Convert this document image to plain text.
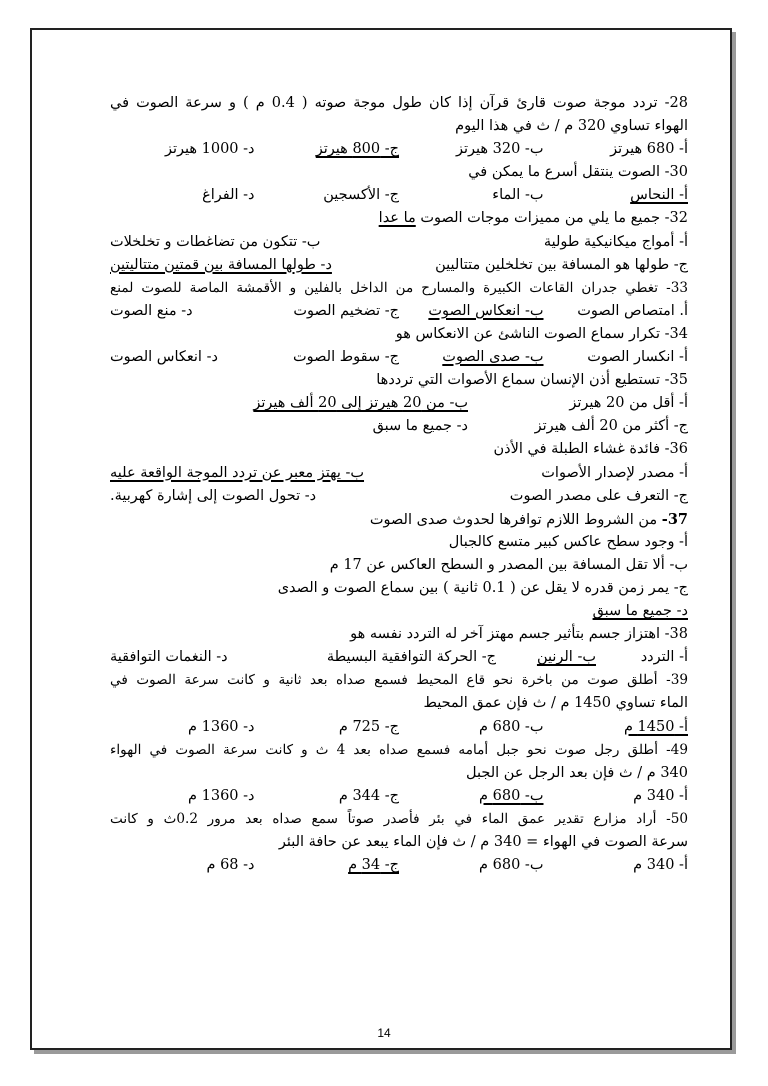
28- تردد موجة صوت قارئ قرآن إذا كان طول موجة صوته ( 0.4 م ) و سرعة الصوت في
الهواء تساوي 320 م / ث في هذا اليوم
أ- 680 هيرتز
ب- 320 هيرتز
ج- 800 هيرتز
د- 1000 هيرتز
30- الصوت ينتقل أسرع ما يمكن في
أ- النحاس
ب- الماء
ج- الأكسجين
د- الفراغ
32- جميع ما يلي من مميزات موجات الصوت ما عدا
أ- أمواج ميكانيكية طولية
ب- تتكون من تضاغطات و تخلخلات
ج- طولها هو المسافة بين تخلخلين متتاليين
د- طولها المسافة بين قمتين متتاليتين
33- تغطي جدران القاعات الكبيرة والمسارح من الداخل بالفلين و الأقمشة الماصة للصوت لمنع
أ. امتصاص الصوت
ب- انعكاس الصوت
ج- تضخيم الصوت
د- منع الصوت
34- تكرار سماع الصوت الناشئ عن الانعكاس هو
أ- انكسار الصوت
ب- صدى الصوت
ج- سقوط الصوت
د- انعكاس الصوت
35- تستطيع أذن الإنسان سماع الأصوات التي ترددها
أ- أقل من 20 هيرتز
ب- من 20 هيرتز إلى 20 ألف هيرتز
ج- أكثر من 20 ألف هيرتز
د- جميع ما سبق
36- فائدة غشاء الطبلة في الأذن
أ- مصدر لإصدار الأصوات
ب- يهتز معبر عن تردد الموجة الواقعة عليه
ج- التعرف على مصدر الصوت
د- تحول الصوت إلى إشارة كهربية.
37- من الشروط اللازم توافرها لحدوث صدى الصوت
أ- وجود سطح عاكس كبير متسع كالجبال
ب- ألا تقل المسافة بين المصدر و السطح العاكس عن 17 م
ج- يمر زمن قدره لا يقل عن ( 0.1 ثانية ) بين سماع الصوت و الصدى
د- جميع ما سبق
38- اهتزاز جسم بتأثير جسم مهتز آخر له التردد نفسه هو
أ- التردد
ب- الرنين
ج- الحركة التوافقية البسيطة
د- النغمات التوافقية
39- أطلق صوت من باخرة نحو قاع المحيط فسمع صداه بعد ثانية و كانت سرعة الصوت في
الماء تساوي 1450 م / ث فإن عمق المحيط
أ- 1450 م
ب- 680 م
ج- 725 م
د- 1360 م
49- أطلق رجل صوت نحو جبل أمامه فسمع صداه بعد 4 ث و كانت سرعة الصوت في الهواء
340 م / ث فإن بعد الرجل عن الجبل
أ- 340 م
ب- 680 م
ج- 344 م
د- 1360 م
50- أراد مزارع تقدير عمق الماء في بئر فأصدر صوتاً سمع صداه بعد مرور 0.2ث و كانت
سرعة الصوت في الهواء = 340 م / ث فإن الماء يبعد عن حافة البئر
أ- 340 م
ب- 680 م
ج- 34 م
د- 68 م
14
